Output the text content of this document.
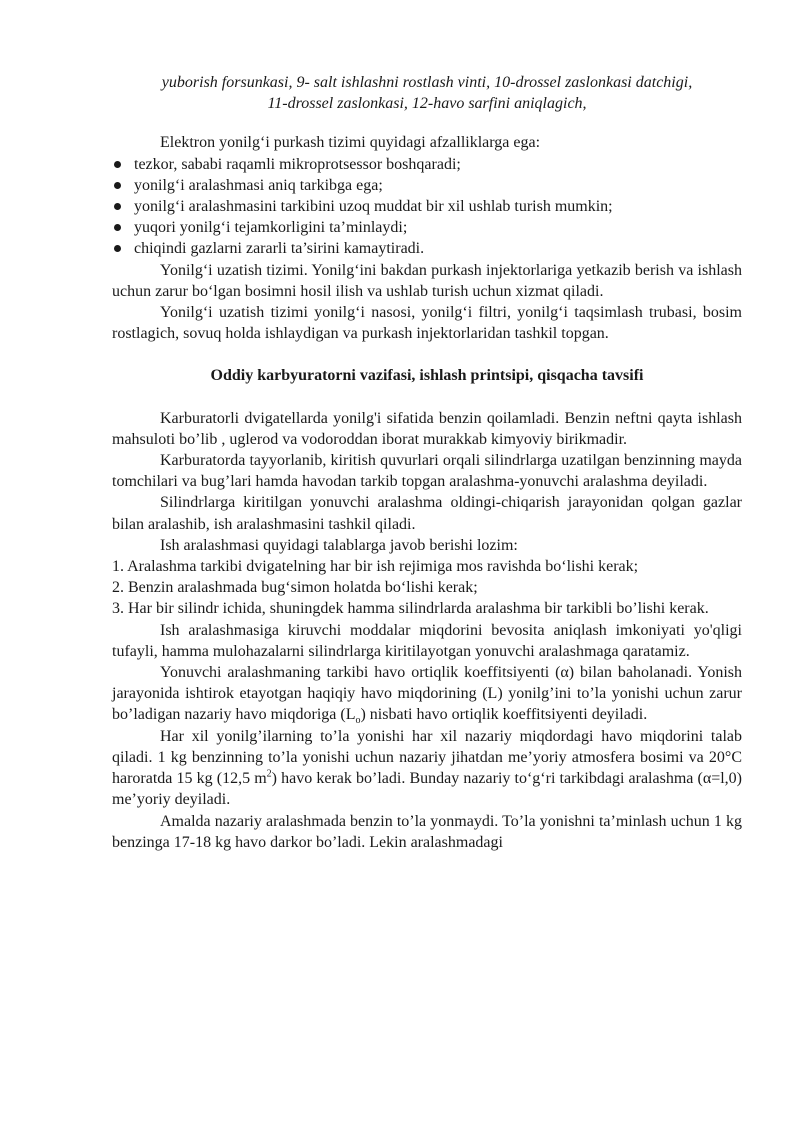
yuborish forsunkasi, 9- salt ishlashni rostlash vinti, 10-drossel zaslonkasi datchigi,

11-drossel zaslonkasi, 12-havo sarfini aniqlagich,

Elektron yonilg‘i purkash tizimi quyidagi afzalliklarga ega:

tezkor, sababi raqamli mikroprotsessor boshqaradi;
yonilg‘i aralashmasi aniq tarkibga ega;
yonilg‘i aralashmasini tarkibini uzoq muddat bir xil ushlab turish mumkin;
yuqori yonilg‘i tejamkorligini ta’minlaydi;
chiqindi gazlarni zararli ta’sirini kamaytiradi.

Yonilg‘i uzatish tizimi. Yonilg‘ini bakdan purkash injektorlariga yetkazib berish va ishlash uchun zarur bo‘lgan bosimni hosil ilish va ushlab turish uchun xizmat qiladi.

Yonilg‘i uzatish tizimi yonilg‘i nasosi, yonilg‘i filtri, yonilg‘i taqsimlash trubasi, bosim rostlagich, sovuq holda ishlaydigan va purkash injektorlaridan tashkil topgan.

Oddiy karbyuratorni vazifasi, ishlash printsipi, qisqacha tavsifi

Karburatorli dvigatellarda yonilg'i sifatida benzin qoilamladi. Benzin neftni qayta ishlash mahsuloti bo’lib , uglerod va vodoroddan iborat murakkab kimyoviy birikmadir.

Karburatorda tayyorlanib, kiritish quvurlari orqali silindrlarga uzatilgan benzinning mayda tomchilari va bug’lari hamda havodan tarkib topgan aralashma-yonuvchi aralashma deyiladi.

Silindrlarga kiritilgan yonuvchi aralashma oldingi-chiqarish jarayonidan qolgan gazlar bilan aralashib, ish aralashmasini tashkil qiladi.

Ish aralashmasi quyidagi talablarga javob berishi lozim:

1. Aralashma tarkibi dvigatelning har bir ish rejimiga mos ravishda bo‘lishi kerak;

2. Benzin aralashmada bug‘simon holatda bo‘lishi kerak;

3. Har bir silindr ichida, shuningdek hamma silindrlarda aralashma bir tarkibli bo’lishi kerak.

Ish aralashmasiga kiruvchi moddalar miqdorini bevosita aniqlash imkoniyati yo'qligi tufayli, hamma mulohazalarni silindrlarga kiritilayotgan yonuvchi aralashmaga qaratamiz.

Yonuvchi aralashmaning tarkibi havo ortiqlik koeffitsiyenti (α) bilan baholanadi. Yonish jarayonida ishtirok etayotgan haqiqiy havo miqdorining (L) yonilg’ini to’la yonishi uchun zarur bo’ladigan nazariy havo miqdoriga $(L_o)$ nisbati havo ortiqlik koeffitsiyenti deyiladi.

Har xil yonilg’ilarning to’la yonishi har xil nazariy miqdordagi havo miqdorini talab qiladi. 1 kg benzinning to’la yonishi uchun nazariy jihatdan me’yoriy atmosfera bosimi va 20°C haroratda 15 kg (12,5 $m^2$) havo kerak bo’ladi. Bunday nazariy to‘g‘ri tarkibdagi aralashma (α=l,0) me’yoriy deyiladi.

Amalda nazariy aralashmada benzin to’la yonmaydi. To’la yonishni ta’minlash uchun 1 kg benzinga 17-18 kg havo darkor bo’ladi. Lekin aralashmadagi
